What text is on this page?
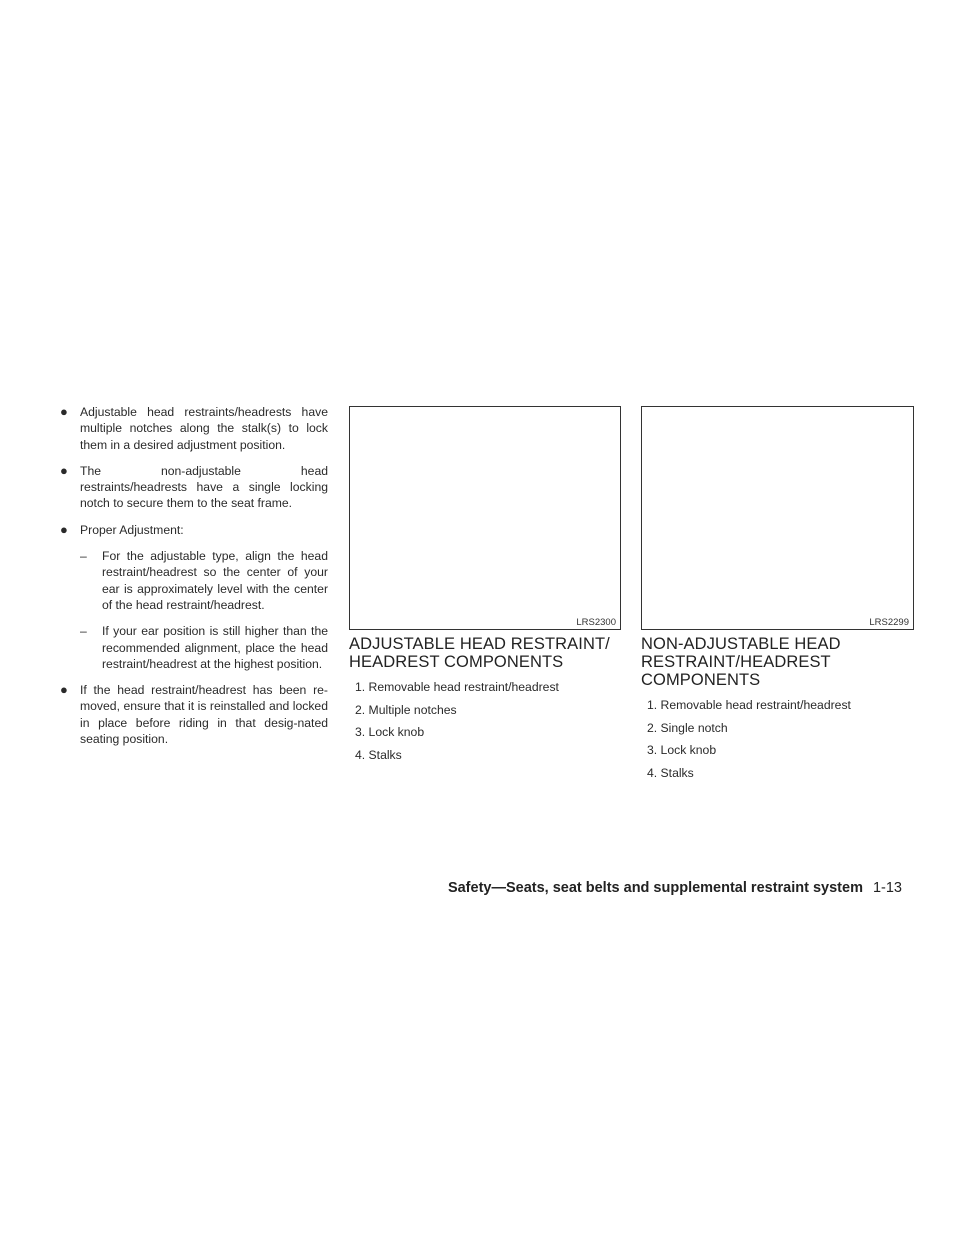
● Adjustable head restraints/headrests have multiple notches along the stalk(s) to lock them in a desired adjustment position.
● The non-adjustable head
restraints/headrests have a single locking notch to secure them to the seat frame.
● Proper Adjustment:
–	For the adjustable type, align the head restraint/headrest so the center of your ear is approximately level with the center of the head restraint/headrest.
–	If your ear position is still higher than the recommended alignment, place the head restraint/headrest at the highest position.
● If the head restraint/headrest has been re-moved, ensure that it is reinstalled and locked in place before riding in that desig-nated seating position.
LRS2300	LRS2299
ADJUSTABLE HEAD RESTRAINT/ HEADREST COMPONENTS
1. Removable head restraint/headrest
2. Multiple notches
3. Lock knob
4. Stalks
NON-ADJUSTABLE HEAD RESTRAINT/HEADREST COMPONENTS
1. Removable head restraint/headrest
2. Single notch
3. Lock knob
4. Stalks
Safety—Seats, seat belts and supplemental restraint system 1-13
